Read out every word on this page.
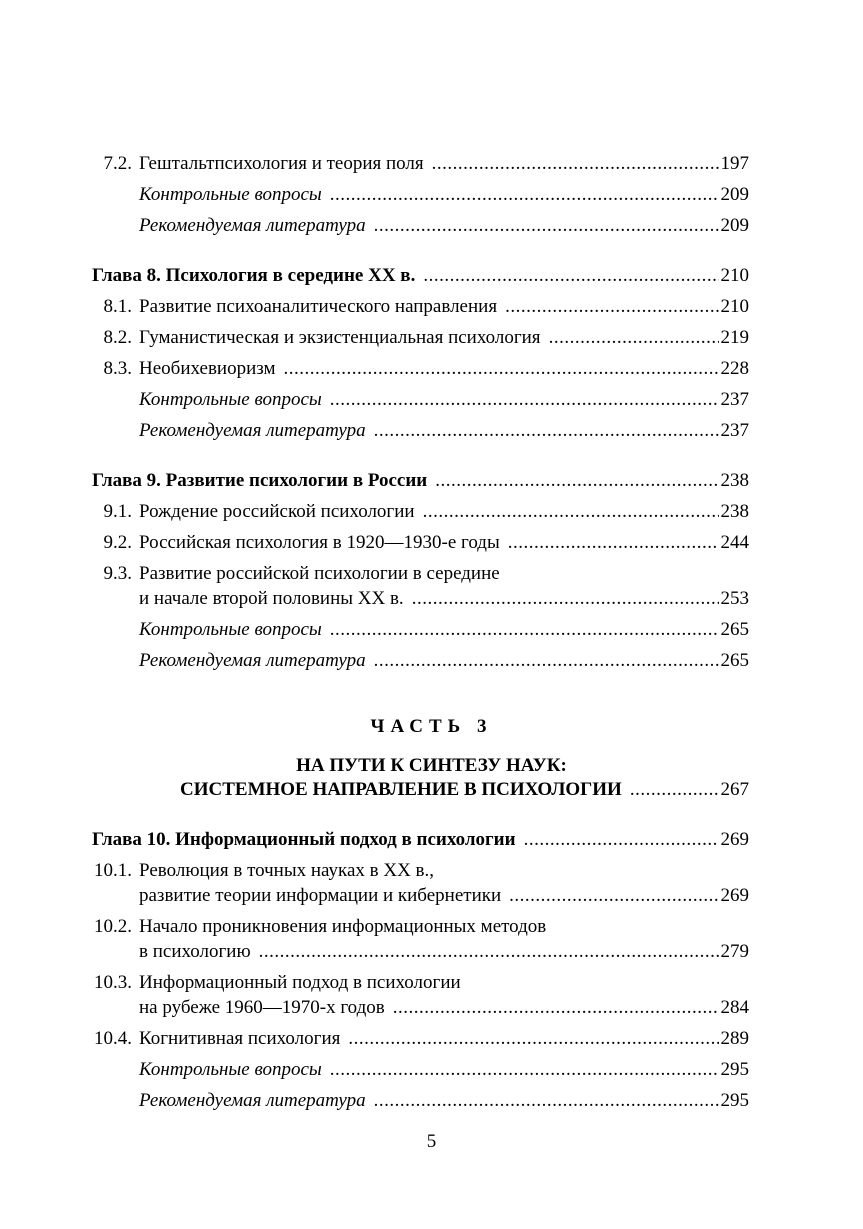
7.2. Гештальтпсихология и теория поля .....	197
Контрольные вопросы .....	209
Рекомендуемая литература .....	209
Глава 8. Психология в середине XX в. .....	210
8.1. Развитие психоаналитического направления .....	210
8.2. Гуманистическая и экзистенциальная психология .....	219
8.3. Необихевиоризм .....	228
Контрольные вопросы .....	237
Рекомендуемая литература .....	237
Глава 9. Развитие психологии в России .....	238
9.1. Рождение российской психологии .....	238
9.2. Российская психология в 1920—1930-е годы .....	244
9.3. Развитие российской психологии в середине
и начале второй половины XX в. .....	253
Контрольные вопросы .....	265
Рекомендуемая литература .....	265
ЧАСТЬ 3
НА ПУТИ К СИНТЕЗУ НАУК:
СИСТЕМНОЕ НАПРАВЛЕНИЕ В ПСИХОЛОГИИ .....	267
Глава 10. Информационный подход в психологии .....	269
10.1. Революция в точных науках в XX в.,
развитие теории информации и кибернетики .....	269
10.2. Начало проникновения информационных методов
в психологию .....	279
10.3. Информационный подход в психологии
на рубеже 1960—1970-х годов .....	284
10.4. Когнитивная психология .....	289
Контрольные вопросы .....	295
Рекомендуемая литература .....	295
5
